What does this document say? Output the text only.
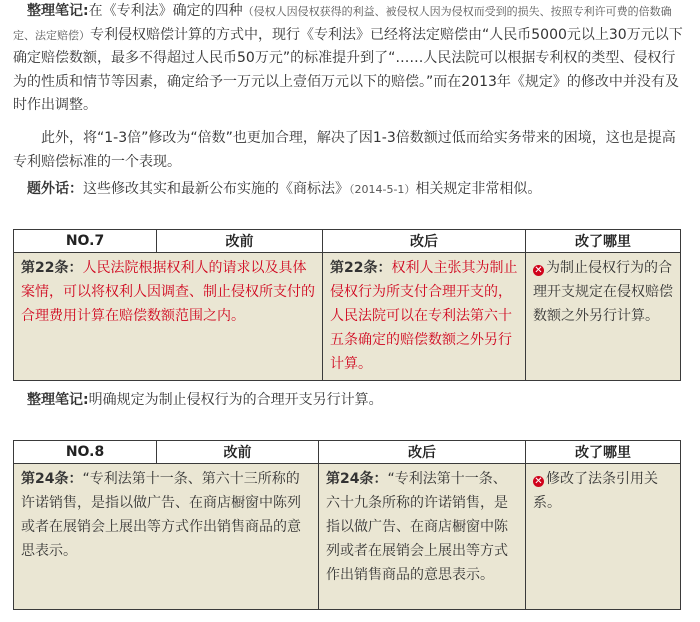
整理笔记:在《专利法》确定的四种（侵权人因侵权获得的利益、被侵权人因为侵权而受到的损失、按照专利许可费的倍数确定、法定赔偿）专利侵权赔偿计算的方式中，现行《专利法》已经将法定赔偿由“人民币5000元以上30万元以下确定赔偿数额，最多不得超过人民币50万元”的标准提升到了“……人民法院可以根据专利权的类型、侵权行为的性质和情节等因素，确定给予一万元以上壹佰万元以下的赔偿。”而在2013年《规定》的修改中并没有及时作出调整。

此外，将“1-3倍”修改为“倍数”也更加合理，解决了因1-3倍数额过低而给实务带来的困境，这也是提高专利赔偿标准的一个表现。

题外话：这些修改其实和最新公布实施的《商标法》（2014-5-1）相关规定非常相似。

NO.7	改前	改后	改了哪里
第22条：人民法院根据权利人的请求以及具体案情，可以将权利人因调查、制止侵权所支付的合理费用计算在赔偿数额范围之内。		第22条：权利人主张其为制止侵权行为所支付合理开支的，人民法院可以在专利法第六十五条确定的赔偿数额之外另行计算。	✕ 为制止侵权行为的合理开支规定在侵权赔偿数额之外另行计算。

整理笔记:明确规定为制止侵权行为的合理开支另行计算。

NO.8	改前	改后	改了哪里
第24条：“专利法第十一条、第六十三所称的许诺销售，是指以做广告、在商店橱窗中陈列或者在展销会上展出等方式作出销售商品的意思表示。		第24条：“专利法第十一条、六十九条所称的许诺销售，是指以做广告、在商店橱窗中陈列或者在展销会上展出等方式作出销售商品的意思表示。	✕ 修改了法条引用关系。
